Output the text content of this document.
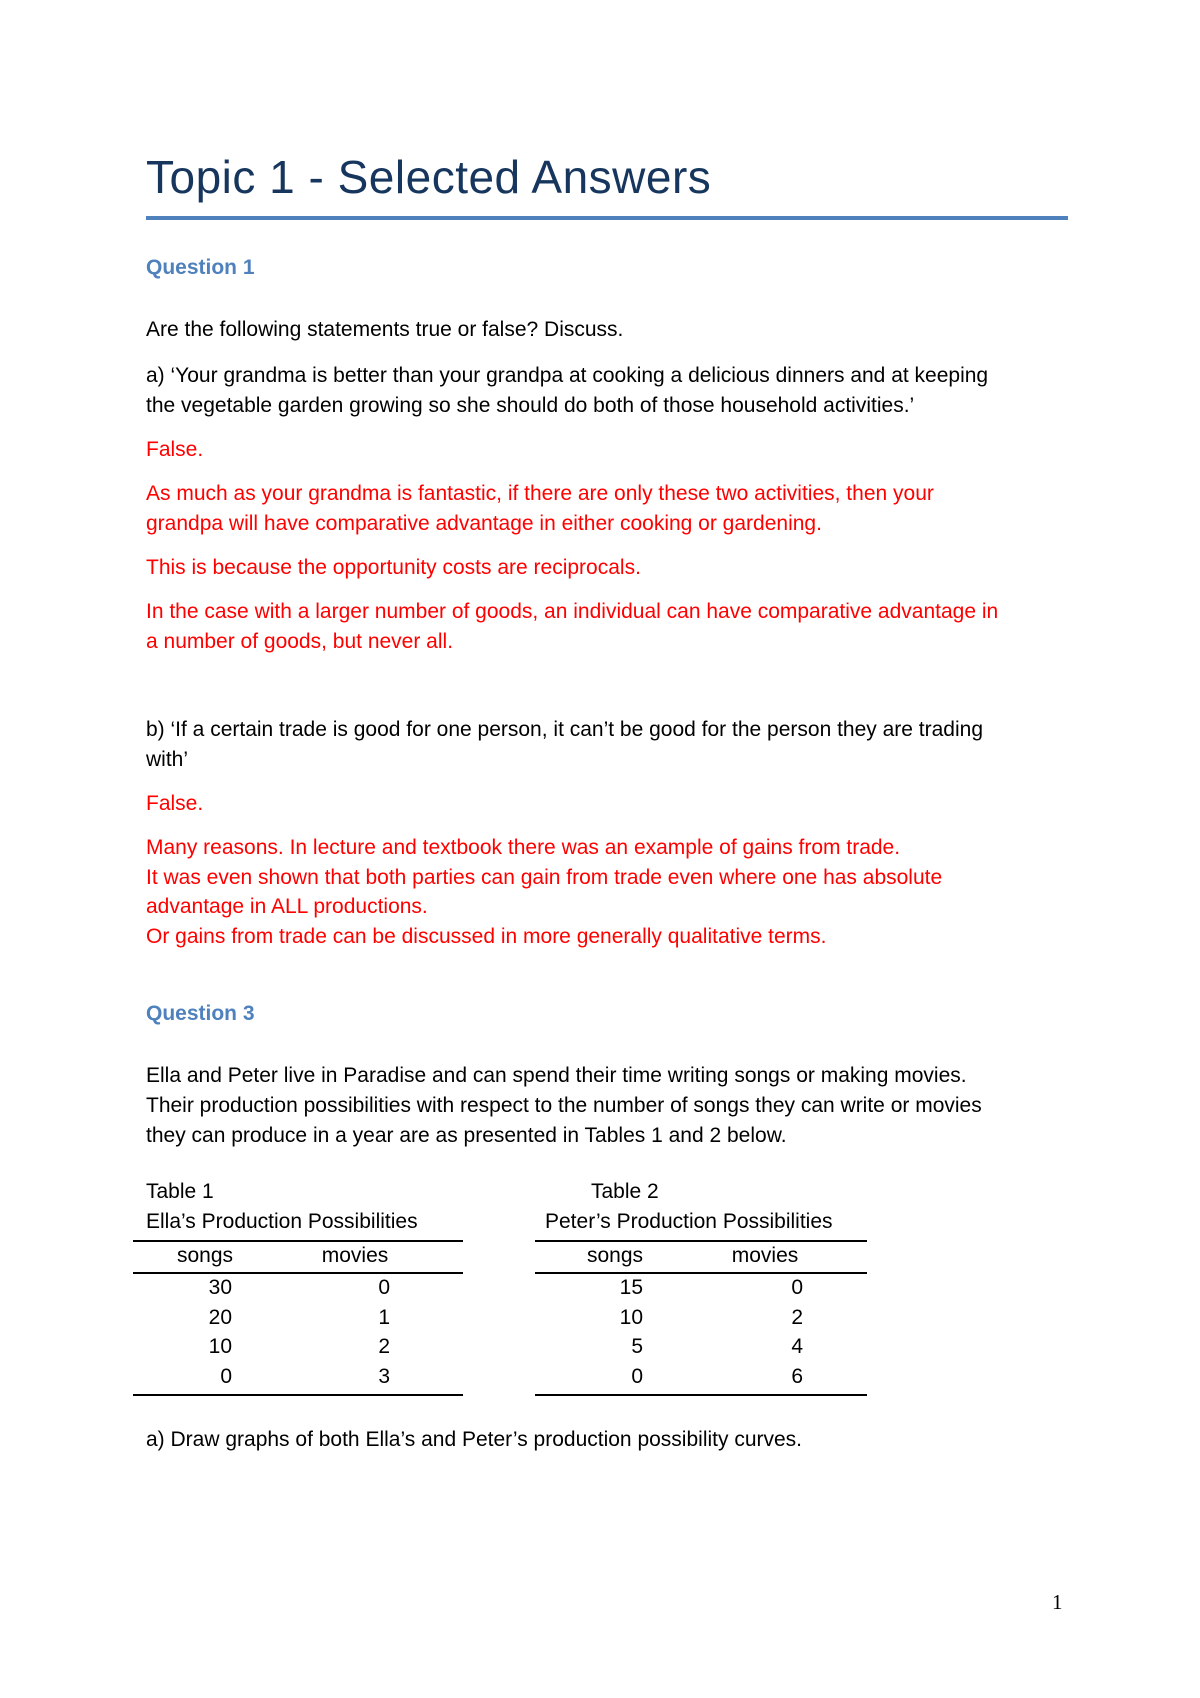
Topic 1 - Selected Answers
Question 1
Are the following statements true or false? Discuss.
a) ‘Your grandma is better than your grandpa at cooking a delicious dinners and at keeping
the vegetable garden growing so she should do both of those household activities.’
False.
As much as your grandma is fantastic, if there are only these two activities, then your
grandpa will have comparative advantage in either cooking or gardening.
This is because the opportunity costs are reciprocals.
In the case with a larger number of goods, an individual can have comparative advantage in
a number of goods, but never all.
b) ‘If a certain trade is good for one person, it can’t be good for the person they are trading
with’
False.
Many reasons. In lecture and textbook there was an example of gains from trade.
It was even shown that both parties can gain from trade even where one has absolute
advantage in ALL productions.
Or gains from trade can be discussed in more generally qualitative terms.
Question 3
Ella and Peter live in Paradise and can spend their time writing songs or making movies.
Their production possibilities with respect to the number of songs they can write or movies
they can produce in a year are as presented in Tables 1 and 2 below.
Table 1
Ella’s Production Possibilities
songs	movies
30	0
20	1
10	2
0	3
Table 2
Peter’s Production Possibilities
songs	movies
15	0
10	2
5	4
0	6
a) Draw graphs of both Ella’s and Peter’s production possibility curves.
1
